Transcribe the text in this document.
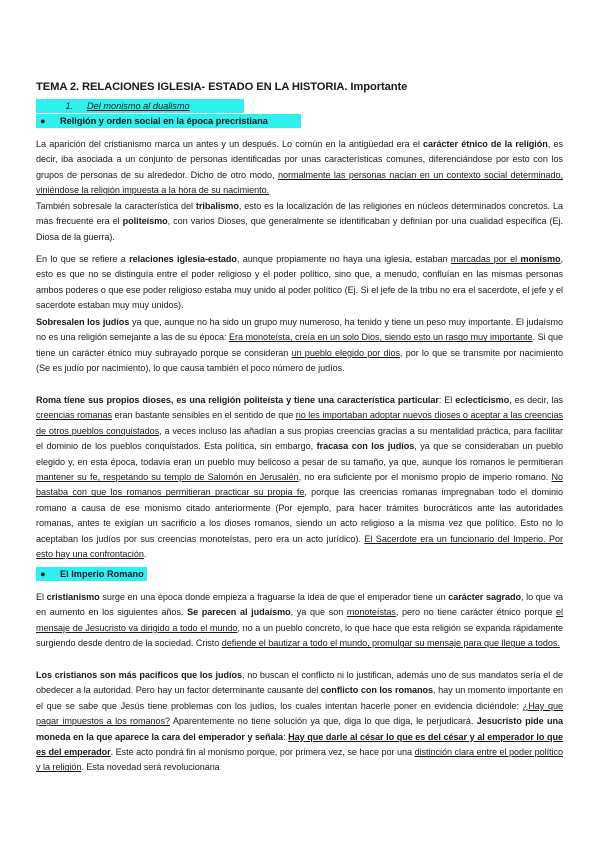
TEMA 2. RELACIONES IGLESIA- ESTADO EN LA HISTORIA. Importante
1. Del monismo al dualismo
● Religión y orden social en la época precristiana

La aparición del cristianismo marca un antes y un después. Lo común en la antigüedad era el carácter étnico de la religión, es decir, iba asociada a un conjunto de personas identificadas por unas características comunes, diferenciándose por esto con los grupos de personas de su alrededor. Dicho de otro modo, normalmente las personas nacían en un contexto social determinado, viniéndose la religión impuesta a la hora de su nacimiento.

También sobresale la característica del tribalismo, esto es la localización de las religiones en núcleos determinados concretos. La más frecuente era el politeísmo, con varios Dioses, que generalmente se identificaban y definían por una cualidad específica (Ej. Diosa de la guerra).

En lo que se refiere a relaciones iglesia-estado, aunque propiamente no haya una iglesia, estaban marcadas por el monismo, esto es que no se distinguía entre el poder religioso y el poder político, sino que, a menudo, confluían en las mismas personas ambos poderes o que ese poder religioso estaba muy unido al poder político (Ej. Si el jefe de la tribu no era el sacerdote, el jefe y el sacerdote estaban muy muy unidos).

Sobresalen los judíos ya que, aunque no ha sido un grupo muy numeroso, ha tenido y tiene un peso muy importante. El judaísmo no es una religión semejante a las de su época: Era monoteísta, creía en un solo Dios, siendo esto un rasgo muy importante. Si que tiene un carácter étnico muy subrayado porque se consideran un pueblo elegido por dios, por lo que se transmite por nacimiento (Se es judío por nacimiento), lo que causa también el poco número de judíos.

Roma tiene sus propios dioses, es una religión politeísta y tiene una característica particular: El eclecticismo, es decir, las creencias romanas eran bastante sensibles en el sentido de que no les importaban adoptar nuevos dioses o aceptar a las creencias de otros pueblos conquistados, a veces incluso las añadían a sus propias creencias gracias a su mentalidad práctica, para facilitar el dominio de los pueblos conquistados. Esta política, sin embargo, fracasa con los judíos, ya que se consideraban un pueblo elegido y, en esta época, todavía eran un pueblo muy belicoso a pesar de su tamaño, ya que, aunque los romanos le permitieran mantener su fe, respetando su templo de Salomón en Jerusalén, no era suficiente por el monismo propio de imperio romano. No bastaba con que los romanos permitieran practicar su propia fe, porque las creencias romanas impregnaban todo el dominio romano a causa de ese monismo citado anteriormente (Por ejemplo, para hacer trámites burocráticos ante las autoridades romanas, antes te exigían un sacrificio a los dioses romanos, siendo un acto religioso a la misma vez que político. Esto no lo aceptaban los judíos por sus creencias monoteístas, pero era un acto jurídico). El Sacerdote era un funcionario del Imperio. Por esto hay una confrontación.

● El Imperio Romano

El cristianismo surge en una época donde empieza a fraguarse la idea de que el emperador tiene un carácter sagrado, lo que va en aumento en los siguientes años. Se parecen al judaísmo, ya que son monoteístas, pero no tiene carácter étnico porque el mensaje de Jesucristo va dirigido a todo el mundo, no a un pueblo concreto, lo que hace que esta religión se expanda rápidamente surgiendo desde dentro de la sociedad. Cristo defiende el bautizar a todo el mundo, promulgar su mensaje para que llegue a todos.

Los cristianos son más pacíficos que los judíos, no buscan el conflicto ni lo justifican, además uno de sus mandatos sería el de obedecer a la autoridad. Pero hay un factor determinante causante del conflicto con los romanos, hay un momento importante en el que se sabe que Jesús tiene problemas con los judíos, los cuales intentan hacerle poner en evidencia diciéndole: ¿Hay que pagar impuestos a los romanos? Aparentemente no tiene solución ya que, diga lo que diga, le perjudicará. Jesucristo pide una moneda en la que aparece la cara del emperador y señala: Hay que darle al césar lo que es del césar y al emperador lo que es del emperador. Este acto pondrá fin al monismo porque, por primera vez, se hace por una distinción clara entre el poder político y la religión. Esta novedad será revolucionaria
